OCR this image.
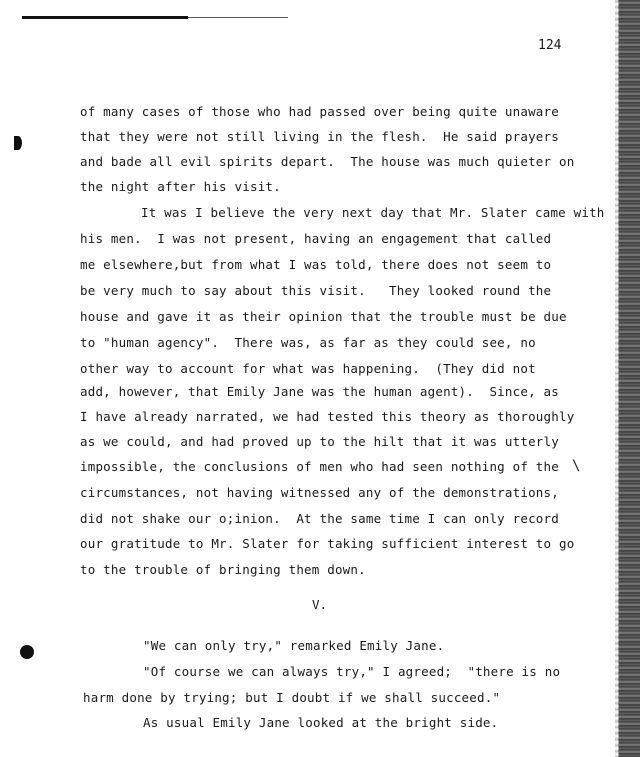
124
of many cases of those who had passed over being quite unaware
that they were not still living in the flesh.  He said prayers
and bade all evil spirits depart.  The house was much quieter on
the night after his visit.
It was I believe the very next day that Mr. Slater came with
his men.  I was not present, having an engagement that called
me elsewhere,but from what I was told, there does not seem to
be very much to say about this visit.   They looked round the
house and gave it as their opinion that the trouble must be due
to "human agency".  There was, as far as they could see, no
other way to account for what was happening.  (They did not
add, however, that Emily Jane was the human agent).  Since, as
I have already narrated, we had tested this theory as thoroughly
as we could, and had proved up to the hilt that it was utterly
impossible, the conclusions of men who had seen nothing of the
circumstances, not having witnessed any of the demonstrations,
did not shake our o;inion.  At the same time I can only record
our gratitude to Mr. Slater for taking sufficient interest to go
to the trouble of bringing them down.
\
V.
"We can only try," remarked Emily Jane.
"Of course we can always try," I agreed;  "there is no
harm done by trying; but I doubt if we shall succeed."
As usual Emily Jane looked at the bright side.
